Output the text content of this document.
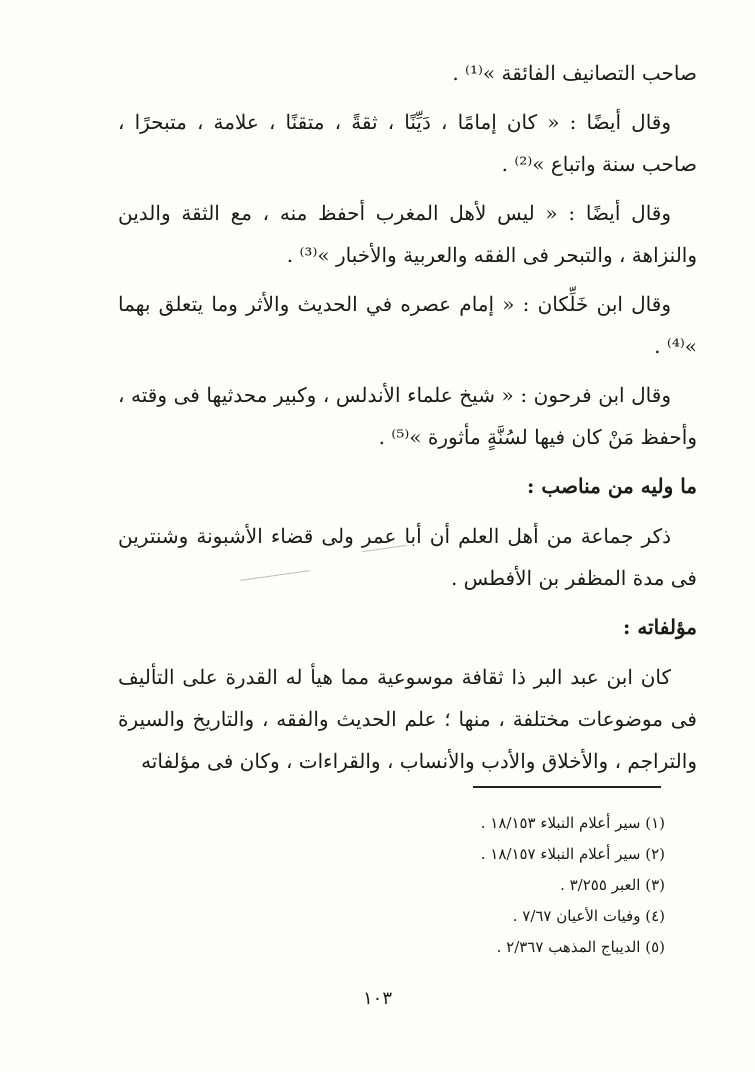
صاحب التصانيف الفائقة »⁽¹⁾ .

وقال أيضًا : « كان إمامًا ، دَيِّنًا ، ثقةً ، متقنًا ، علامة ، متبحرًا ، صاحب سنة واتباع »⁽²⁾ .

وقال أيضًا : « ليس لأهل المغرب أحفظ منه ، مع الثقة والدين والنزاهة ، والتبحر فى الفقه والعربية والأخبار »⁽³⁾ .

وقال ابن خَلِّكان : « إمام عصره في الحديث والأثر وما يتعلق بهما »⁽⁴⁾ .

وقال ابن فرحون : « شيخ علماء الأندلس ، وكبير محدثيها فى وقته ، وأحفظ مَنْ كان فيها لسُنَّةٍ مأثورة »⁽⁵⁾ .

ما وليه من مناصب :

ذكر جماعة من أهل العلم أن أبا عمر ولى قضاء الأشبونة وشنترين فى مدة المظفر بن الأفطس .

مؤلفاته :

كان ابن عبد البر ذا ثقافة موسوعية مما هيأ له القدرة على التأليف فى موضوعات مختلفة ، منها ؛ علم الحديث والفقه ، والتاريخ والسيرة والتراجم ، والأخلاق والأدب والأنساب ، والقراءات ، وكان فى مؤلفاته

(١) سير أعلام النبلاء ١٨/١٥٣ .
(٢) سير أعلام النبلاء ١٨/١٥٧ .
(٣) العبر ٣/٢٥٥ .
(٤) وفيات الأعيان ٧/٦٧ .
(٥) الديباج المذهب ٢/٣٦٧ .
١٠٣
